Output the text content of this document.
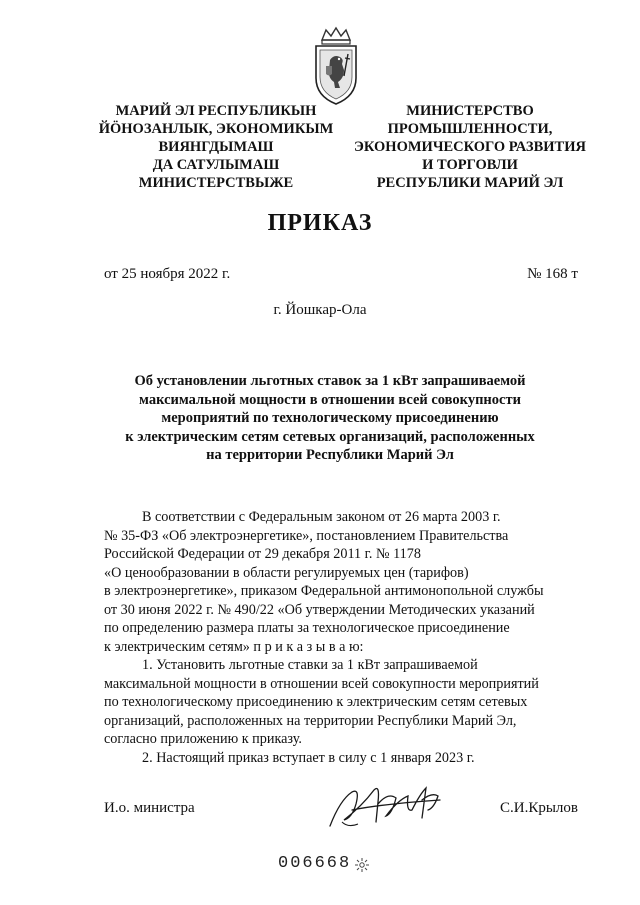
МАРИЙ ЭЛ РЕСПУБЛИКЫН
ЙӦНОЗАНЛЫК, ЭКОНОМИКЫМ
ВИЯНГДЫМАШ
ДА САТУЛЫМАШ
МИНИСТЕРСТВЫЖЕ
МИНИСТЕРСТВО
ПРОМЫШЛЕННОСТИ,
ЭКОНОМИЧЕСКОГО РАЗВИТИЯ
И ТОРГОВЛИ
РЕСПУБЛИКИ МАРИЙ ЭЛ
ПРИКАЗ
от 25 ноября 2022 г.	№ 168 т
г. Йошкар-Ола
Об установлении льготных ставок за 1 кВт запрашиваемой
максимальной мощности в отношении всей совокупности
мероприятий по технологическому присоединению
к электрическим сетям сетевых организаций, расположенных
на территории Республики Марий Эл
В соответствии с Федеральным законом от 26 марта 2003 г.
№ 35-ФЗ «Об электроэнергетике», постановлением Правительства
Российской Федерации от 29 декабря 2011 г. № 1178
«О ценообразовании в области регулируемых цен (тарифов)
в электроэнергетике», приказом Федеральной антимонопольной службы
от 30 июня 2022 г. № 490/22 «Об утверждении Методических указаний
по определению размера платы за технологическое присоединение
к электрическим сетям» п р и к а з ы в а ю:
1. Установить льготные ставки за 1 кВт запрашиваемой
максимальной мощности в отношении всей совокупности мероприятий
по технологическому присоединению к электрическим сетям сетевых
организаций, расположенных на территории Республики Марий Эл,
согласно приложению к приказу.
2. Настоящий приказ вступает в силу с 1 января 2023 г.
И.о. министра	С.И.Крылов
006668
